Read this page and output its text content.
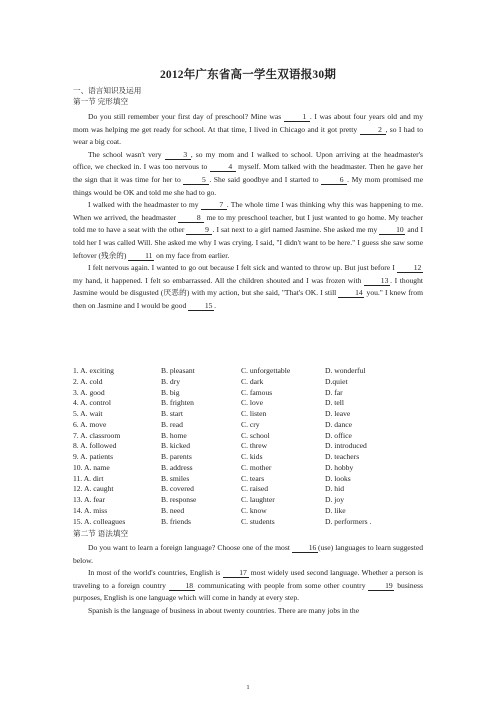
2012年广东省高一学生双语报30期
一、语言知识及运用
第一节 完形填空

Do you still remember your first day of preschool? Mine was 1 . I was about four years old and my mom was helping me get ready for school. At that time, I lived in Chicago and it got pretty 2 , so I had to wear a big coat.

The school wasn't very 3 , so my mom and I walked to school. Upon arriving at the headmaster's office, we checked in. I was too nervous to 4 myself. Mom talked with the headmaster. Then he gave her the sign that it was time for her to 5 . She said goodbye and I started to 6 . My mom promised me things would be OK and told me she had to go.

I walked with the headmaster to my 7 . The whole time I was thinking why this was happening to me. When we arrived, the headmaster 8 me to my preschool teacher, but I just wanted to go home. My teacher told me to have a seat with the other 9 . I sat next to a girl named Jasmine. She asked me my 10 and I told her I was called Will. She asked me why I was crying. I said, "I didn't want to be here." I guess she saw some leftover (残余的) 11 on my face from earlier.

I felt nervous again. I wanted to go out because I felt sick and wanted to throw up. But just before I 12 my hand, it happened. I felt so embarrassed. All the children shouted and I was frozen with 13 . I thought Jasmine would be disgusted (厌恶的) with my action, but she said, "That's OK. I still 14 you." I knew from then on Jasmine and I would be good 15 .

1. A. exciting	B. pleasant	C. unforgettable	D. wonderful
2. A. cold	B. dry	C. dark	D.quiet
3. A. good	B. big	C. famous	D. far
4. A. control	B. frighten	C. love	D. tell
5. A. wait	B. start	C. listen	D. leave
6. A. move	B. read	C. cry	D. dance
7. A. classroom	B. home	C. school	D. office
8. A. followed	B. kicked	C. threw	D. introduced
9. A. patients	B. parents	C. kids	D. teachers
10. A. name	B. address	C. mother	D. hobby
11. A. dirt	B. smiles	C. tears	D. looks
12. A. caught	B. covered	C. raised	D. hid
13. A. fear	B. response	C. laughter	D. joy
14. A. miss	B. need	C. know	D. like
15. A. colleagues	B. friends	C. students	D. performers .
第二节 语法填空

Do you want to learn a foreign language? Choose one of the most 16 (use) languages to learn suggested below.

In most of the world's countries, English is 17 most widely used second language. Whether a person is traveling to a foreign country 18 communicating with people from some other country 19 business purposes, English is one language which will come in handy at every step.

Spanish is the language of business in about twenty countries. There are many jobs in the

1
